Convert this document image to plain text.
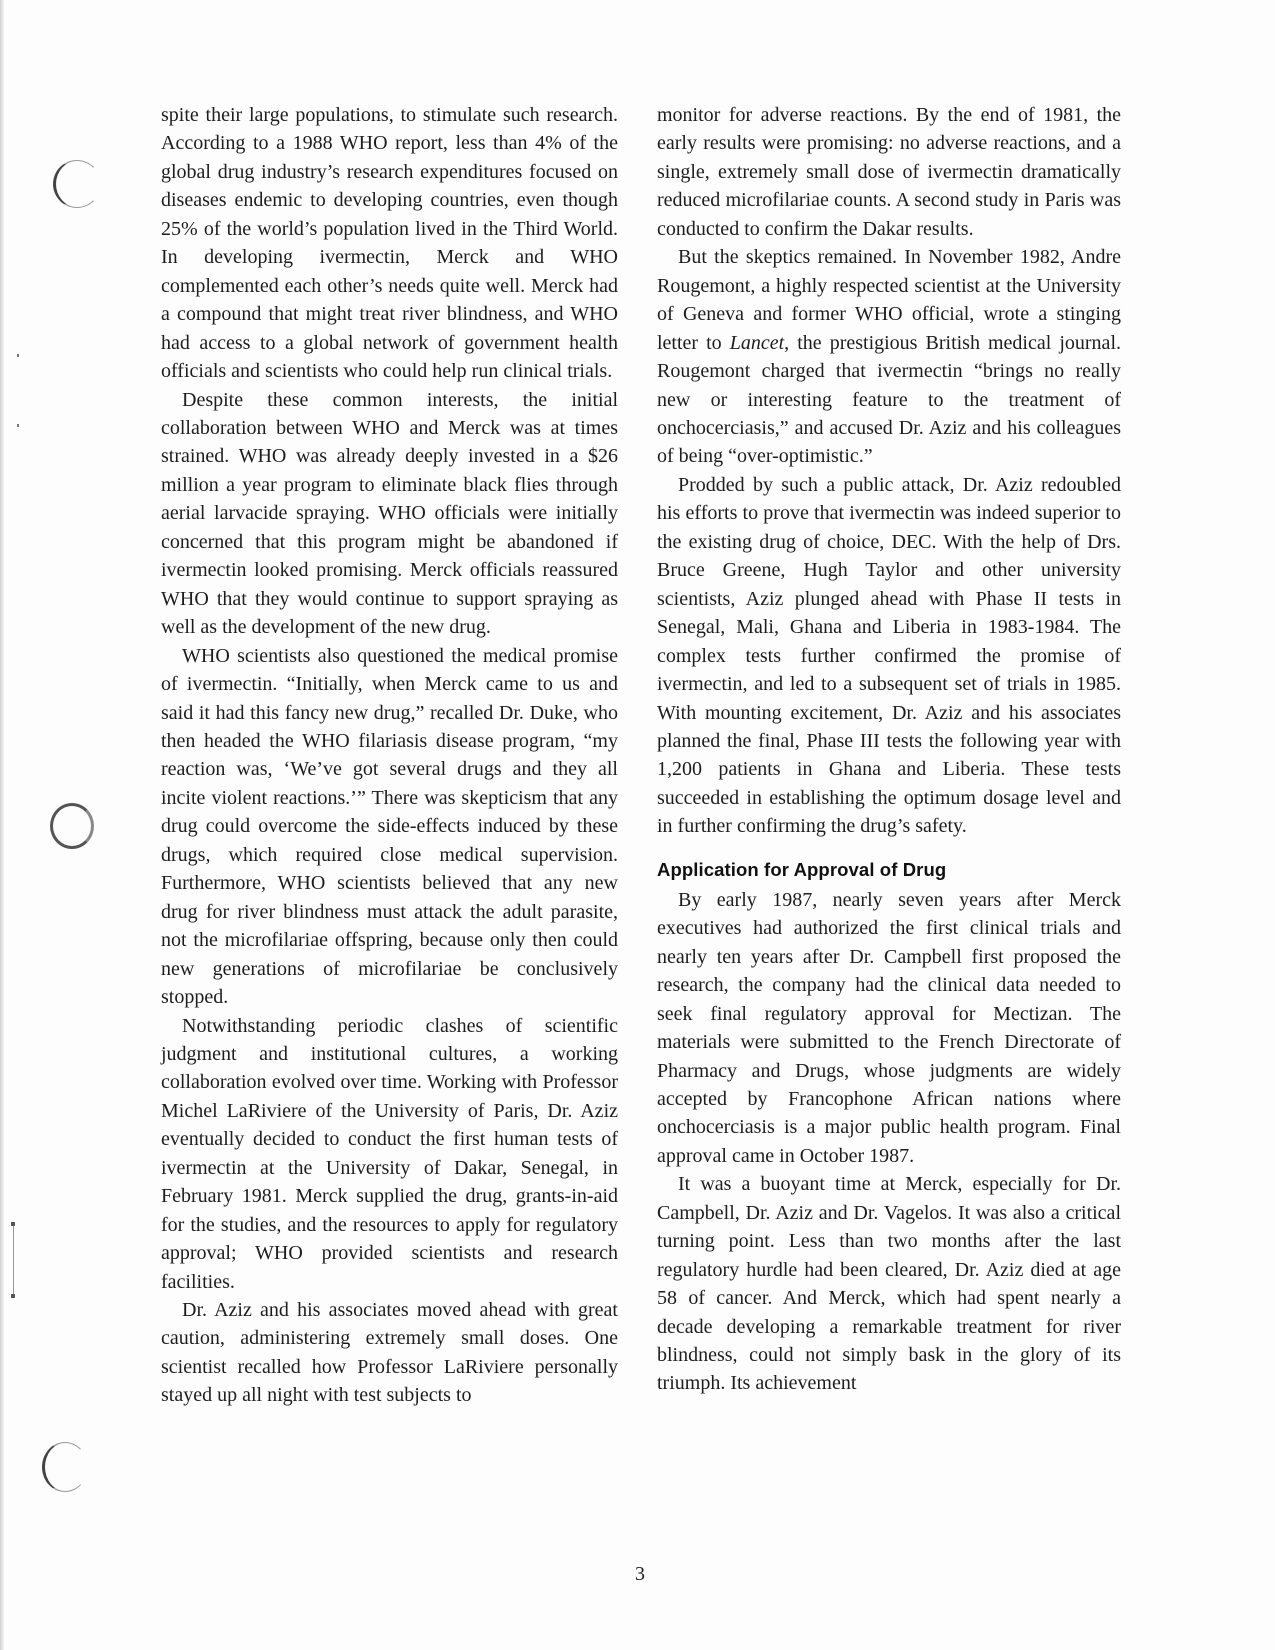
spite their large populations, to stimulate such research. According to a 1988 WHO report, less than 4% of the global drug industry’s research expenditures focused on diseases endemic to developing countries, even though 25% of the world’s population lived in the Third World. In developing ivermectin, Merck and WHO complemented each other’s needs quite well. Merck had a compound that might treat river blindness, and WHO had access to a global network of government health officials and scientists who could help run clinical trials.

Despite these common interests, the initial collaboration between WHO and Merck was at times strained. WHO was already deeply invested in a $26 million a year program to eliminate black flies through aerial larvacide spraying. WHO officials were initially concerned that this program might be abandoned if ivermectin looked promising. Merck officials reassured WHO that they would continue to support spraying as well as the development of the new drug.

WHO scientists also questioned the medical promise of ivermectin. “Initially, when Merck came to us and said it had this fancy new drug,” recalled Dr. Duke, who then headed the WHO filariasis disease program, “my reaction was, ‘We’ve got several drugs and they all incite violent reactions.’” There was skepticism that any drug could overcome the side-effects induced by these drugs, which required close medical supervision. Furthermore, WHO scientists believed that any new drug for river blindness must attack the adult parasite, not the microfilariae offspring, because only then could new generations of microfilariae be conclusively stopped.

Notwithstanding periodic clashes of scientific judgment and institutional cultures, a working collaboration evolved over time. Working with Professor Michel LaRiviere of the University of Paris, Dr. Aziz eventually decided to conduct the first human tests of ivermectin at the University of Dakar, Senegal, in February 1981. Merck supplied the drug, grants-in-aid for the studies, and the resources to apply for regulatory approval; WHO provided scientists and research facilities.

Dr. Aziz and his associates moved ahead with great caution, administering extremely small doses. One scientist recalled how Professor LaRiviere personally stayed up all night with test subjects to

monitor for adverse reactions. By the end of 1981, the early results were promising: no adverse reactions, and a single, extremely small dose of ivermectin dramatically reduced microfilariae counts. A second study in Paris was conducted to confirm the Dakar results.

But the skeptics remained. In November 1982, Andre Rougemont, a highly respected scientist at the University of Geneva and former WHO official, wrote a stinging letter to Lancet, the prestigious British medical journal. Rougemont charged that ivermectin “brings no really new or interesting feature to the treatment of onchocerciasis,” and accused Dr. Aziz and his colleagues of being “over-optimistic.”

Prodded by such a public attack, Dr. Aziz redoubled his efforts to prove that ivermectin was indeed superior to the existing drug of choice, DEC. With the help of Drs. Bruce Greene, Hugh Taylor and other university scientists, Aziz plunged ahead with Phase II tests in Senegal, Mali, Ghana and Liberia in 1983-1984. The complex tests further confirmed the promise of ivermectin, and led to a subsequent set of trials in 1985. With mounting excitement, Dr. Aziz and his associates planned the final, Phase III tests the following year with 1,200 patients in Ghana and Liberia. These tests succeeded in establishing the optimum dosage level and in further confirming the drug’s safety.

Application for Approval of Drug

By early 1987, nearly seven years after Merck executives had authorized the first clinical trials and nearly ten years after Dr. Campbell first proposed the research, the company had the clinical data needed to seek final regulatory approval for Mectizan. The materials were submitted to the French Directorate of Pharmacy and Drugs, whose judgments are widely accepted by Francophone African nations where onchocerciasis is a major public health program. Final approval came in October 1987.

It was a buoyant time at Merck, especially for Dr. Campbell, Dr. Aziz and Dr. Vagelos. It was also a critical turning point. Less than two months after the last regulatory hurdle had been cleared, Dr. Aziz died at age 58 of cancer. And Merck, which had spent nearly a decade developing a remarkable treatment for river blindness, could not simply bask in the glory of its triumph. Its achievement

3
